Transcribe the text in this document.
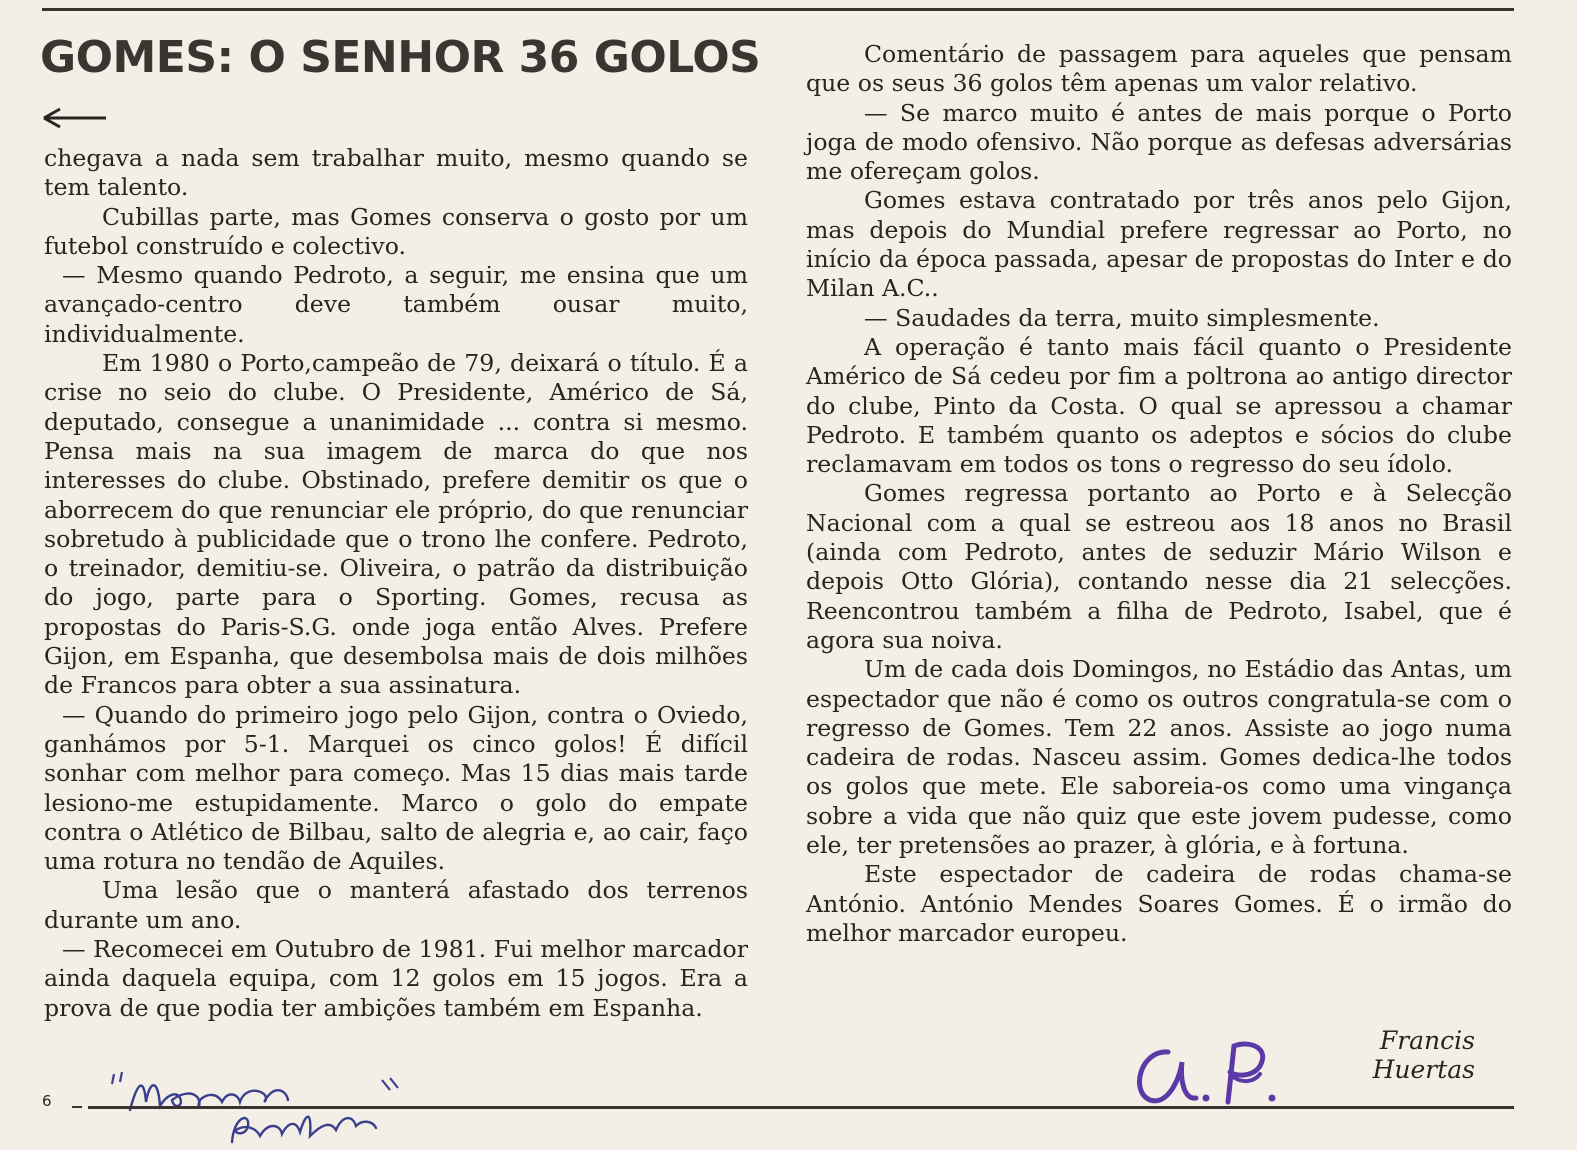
GOMES: O SENHOR 36 GOLOS

chegava a nada sem trabalhar muito, mesmo quando se tem talento.

Cubillas parte, mas Gomes conserva o gosto por um futebol construído e colectivo.

— Mesmo quando Pedroto, a seguir, me ensina que um avançado-centro deve também ousar muito, individualmente.

Em 1980 o Porto,campeão de 79, deixará o título. É a crise no seio do clube. O Presidente, Américo de Sá, deputado, consegue a unanimidade ... contra si mesmo. Pensa mais na sua imagem de marca do que nos interesses do clube. Obstinado, prefere demitir os que o aborrecem do que renunciar ele próprio, do que renunciar sobretudo à publicidade que o trono lhe confere. Pedroto, o treinador, demitiu-se. Oliveira, o patrão da distribuição do jogo, parte para o Sporting. Gomes, recusa as propostas do Paris-S.G. onde joga então Alves. Prefere Gijon, em Espanha, que desembolsa mais de dois milhões de Francos para obter a sua assinatura.

— Quando do primeiro jogo pelo Gijon, contra o Oviedo, ganhámos por 5-1. Marquei os cinco golos! É difícil sonhar com melhor para começo. Mas 15 dias mais tarde lesiono-me estupidamente. Marco o golo do empate contra o Atlético de Bilbau, salto de alegria e, ao cair, faço uma rotura no tendão de Aquiles.

Uma lesão que o manterá afastado dos terrenos durante um ano.

— Recomecei em Outubro de 1981. Fui melhor marcador ainda daquela equipa, com 12 golos em 15 jogos. Era a prova de que podia ter ambições também em Espanha.

Comentário de passagem para aqueles que pensam que os seus 36 golos têm apenas um valor relativo.

— Se marco muito é antes de mais porque o Porto joga de modo ofensivo. Não porque as defesas adversárias me ofereçam golos.

Gomes estava contratado por três anos pelo Gijon, mas depois do Mundial prefere regressar ao Porto, no início da época passada, apesar de propostas do Inter e do Milan A.C..

— Saudades da terra, muito simplesmente.

A operação é tanto mais fácil quanto o Presidente Américo de Sá cedeu por fim a poltrona ao antigo director do clube, Pinto da Costa. O qual se apressou a chamar Pedroto. E também quanto os adeptos e sócios do clube reclamavam em todos os tons o regresso do seu ídolo.

Gomes regressa portanto ao Porto e à Selecção Nacional com a qual se estreou aos 18 anos no Brasil (ainda com Pedroto, antes de seduzir Mário Wilson e depois Otto Glória), contando nesse dia 21 selecções. Reencontrou também a filha de Pedroto, Isabel, que é agora sua noiva.

Um de cada dois Domingos, no Estádio das Antas, um espectador que não é como os outros congratula-se com o regresso de Gomes. Tem 22 anos. Assiste ao jogo numa cadeira de rodas. Nasceu assim. Gomes dedica-lhe todos os golos que mete. Ele saboreia-os como uma vingança sobre a vida que não quiz que este jovem pudesse, como ele, ter pretensões ao prazer, à glória, e à fortuna.

Este espectador de cadeira de rodas chama-se António. António Mendes Soares Gomes. É o irmão do melhor marcador europeu.

Francis Huertas
6
